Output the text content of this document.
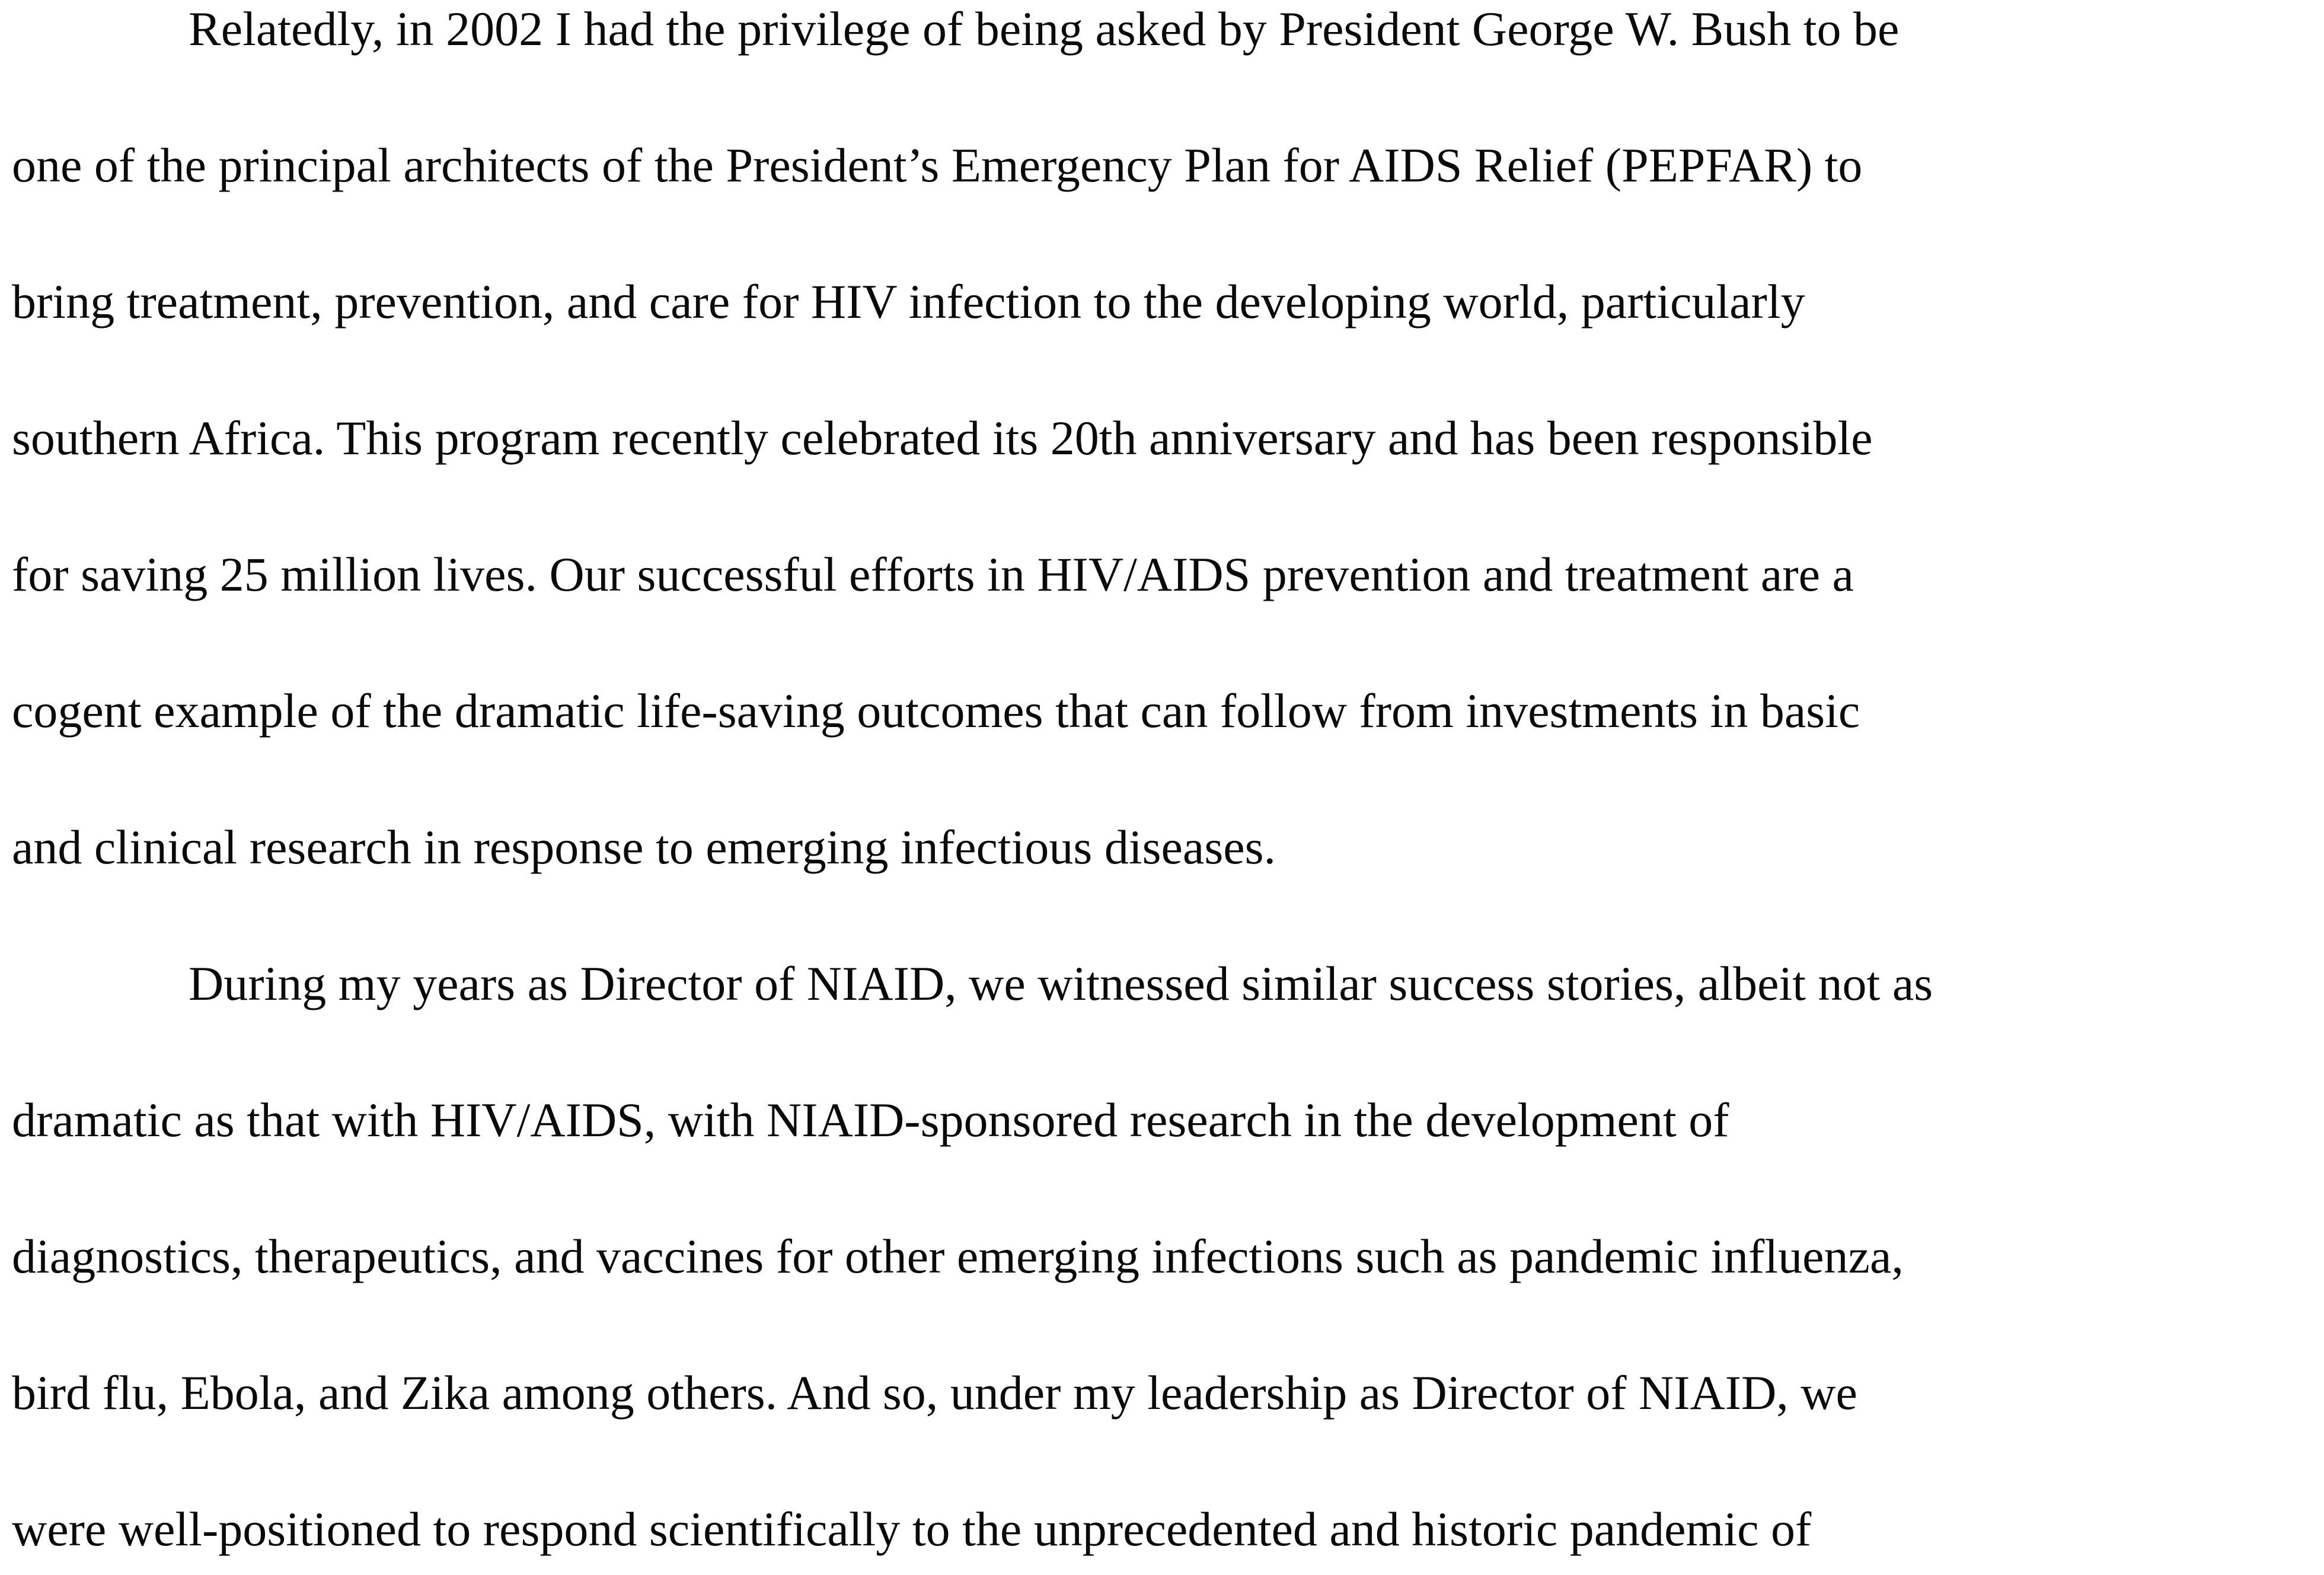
Relatedly, in 2002 I had the privilege of being asked by President George W. Bush to be
one of the principal architects of the President’s Emergency Plan for AIDS Relief (PEPFAR) to
bring treatment, prevention, and care for HIV infection to the developing world, particularly
southern Africa. This program recently celebrated its 20th anniversary and has been responsible
for saving 25 million lives. Our successful efforts in HIV/AIDS prevention and treatment are a
cogent example of the dramatic life-saving outcomes that can follow from investments in basic
and clinical research in response to emerging infectious diseases.
During my years as Director of NIAID, we witnessed similar success stories, albeit not as
dramatic as that with HIV/AIDS, with NIAID-sponsored research in the development of
diagnostics, therapeutics, and vaccines for other emerging infections such as pandemic influenza,
bird flu, Ebola, and Zika among others. And so, under my leadership as Director of NIAID, we
were well-positioned to respond scientifically to the unprecedented and historic pandemic of
